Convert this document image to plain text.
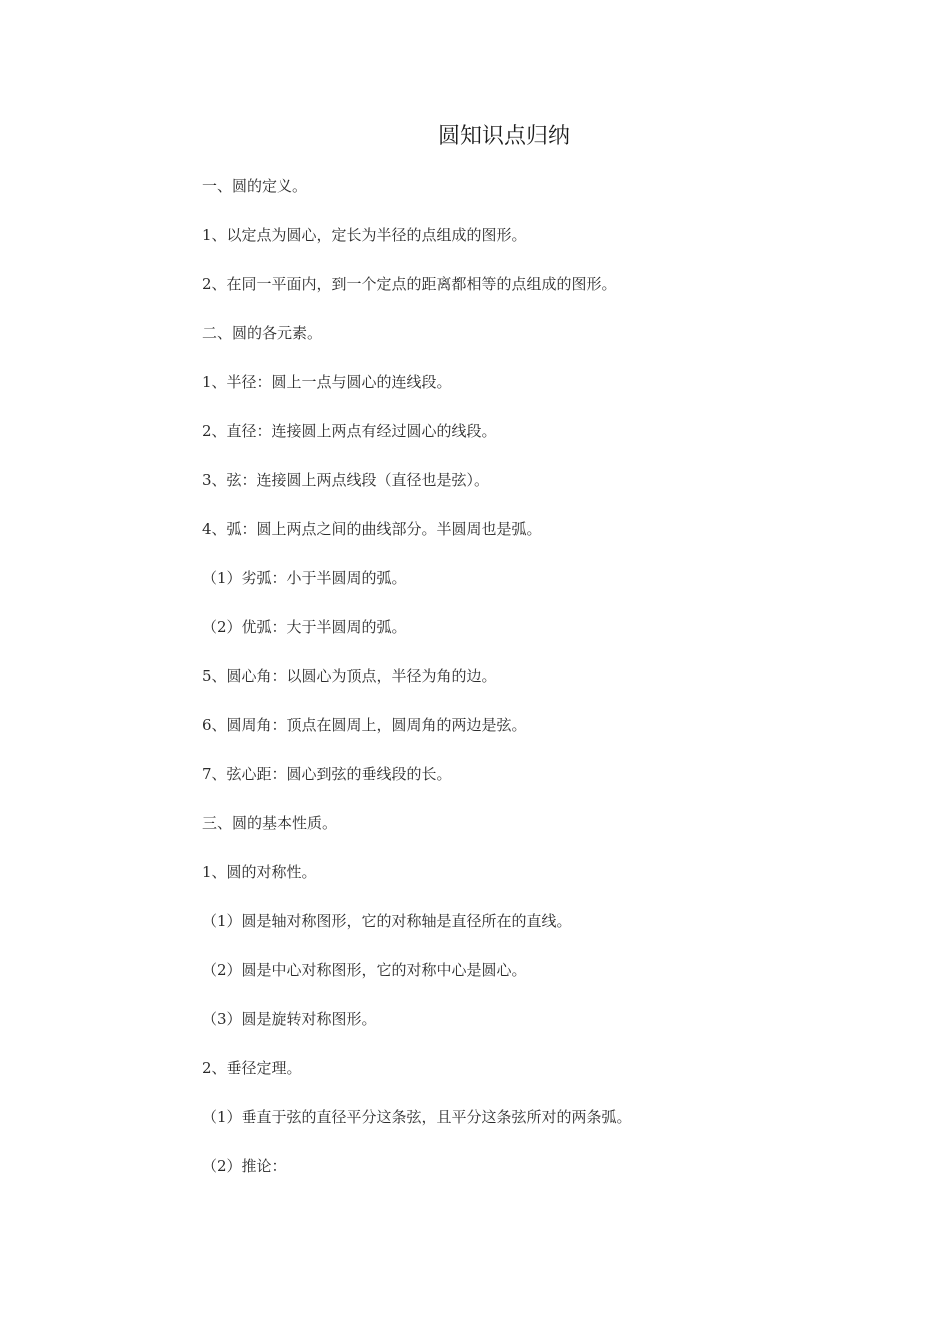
圆知识点归纳
一、圆的定义。
1、以定点为圆心，定长为半径的点组成的图形。
2、在同一平面内，到一个定点的距离都相等的点组成的图形。
二、圆的各元素。
1、半径：圆上一点与圆心的连线段。
2、直径：连接圆上两点有经过圆心的线段。
3、弦：连接圆上两点线段（直径也是弦）。
4、弧：圆上两点之间的曲线部分。半圆周也是弧。
（1）劣弧：小于半圆周的弧。
（2）优弧：大于半圆周的弧。
5、圆心角：以圆心为顶点，半径为角的边。
6、圆周角：顶点在圆周上，圆周角的两边是弦。
7、弦心距：圆心到弦的垂线段的长。
三、圆的基本性质。
1、圆的对称性。
（1）圆是轴对称图形，它的对称轴是直径所在的直线。
（2）圆是中心对称图形，它的对称中心是圆心。
（3）圆是旋转对称图形。
2、垂径定理。
（1）垂直于弦的直径平分这条弦，且平分这条弦所对的两条弧。
（2）推论：
